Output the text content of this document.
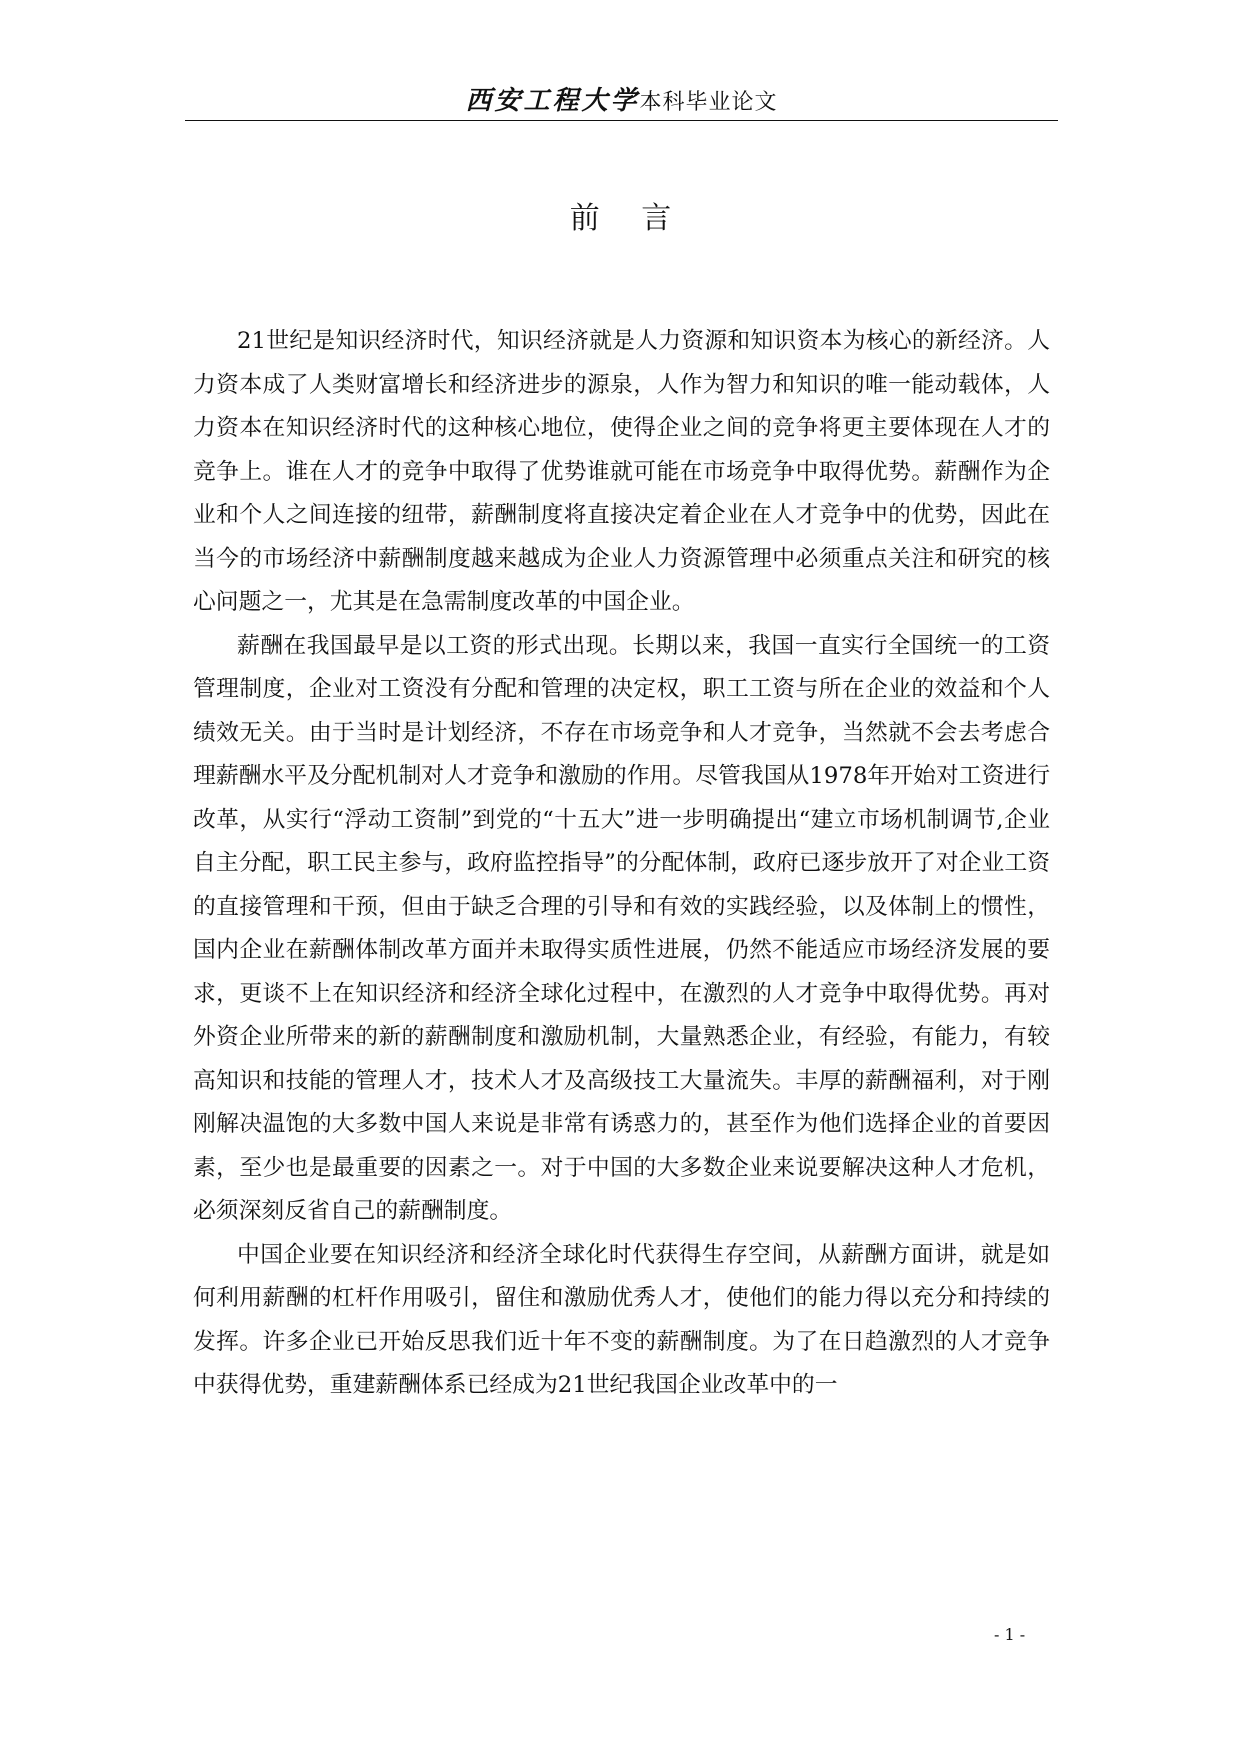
西安工程大学本科毕业论文
前 言

21世纪是知识经济时代，知识经济就是人力资源和知识资本为核心的新经济。人力资本成了人类财富增长和经济进步的源泉，人作为智力和知识的唯一能动载体，人力资本在知识经济时代的这种核心地位，使得企业之间的竞争将更主要体现在人才的竞争上。谁在人才的竞争中取得了优势谁就可能在市场竞争中取得优势。薪酬作为企业和个人之间连接的纽带，薪酬制度将直接决定着企业在人才竞争中的优势，因此在当今的市场经济中薪酬制度越来越成为企业人力资源管理中必须重点关注和研究的核心问题之一，尤其是在急需制度改革的中国企业。

薪酬在我国最早是以工资的形式出现。长期以来，我国一直实行全国统一的工资管理制度，企业对工资没有分配和管理的决定权，职工工资与所在企业的效益和个人绩效无关。由于当时是计划经济，不存在市场竞争和人才竞争，当然就不会去考虑合理薪酬水平及分配机制对人才竞争和激励的作用。尽管我国从1978年开始对工资进行改革，从实行“浮动工资制”到党的“十五大”进一步明确提出“建立市场机制调节,企业自主分配，职工民主参与，政府监控指导”的分配体制，政府已逐步放开了对企业工资的直接管理和干预，但由于缺乏合理的引导和有效的实践经验，以及体制上的惯性，国内企业在薪酬体制改革方面并未取得实质性进展，仍然不能适应市场经济发展的要求，更谈不上在知识经济和经济全球化过程中，在激烈的人才竞争中取得优势。再对外资企业所带来的新的薪酬制度和激励机制，大量熟悉企业，有经验，有能力，有较高知识和技能的管理人才，技术人才及高级技工大量流失。丰厚的薪酬福利，对于刚刚解决温饱的大多数中国人来说是非常有诱惑力的，甚至作为他们选择企业的首要因素，至少也是最重要的因素之一。对于中国的大多数企业来说要解决这种人才危机，必须深刻反省自己的薪酬制度。

中国企业要在知识经济和经济全球化时代获得生存空间，从薪酬方面讲，就是如何利用薪酬的杠杆作用吸引，留住和激励优秀人才，使他们的能力得以充分和持续的发挥。许多企业已开始反思我们近十年不变的薪酬制度。为了在日趋激烈的人才竞争中获得优势，重建薪酬体系已经成为21世纪我国企业改革中的一

- 1 -
